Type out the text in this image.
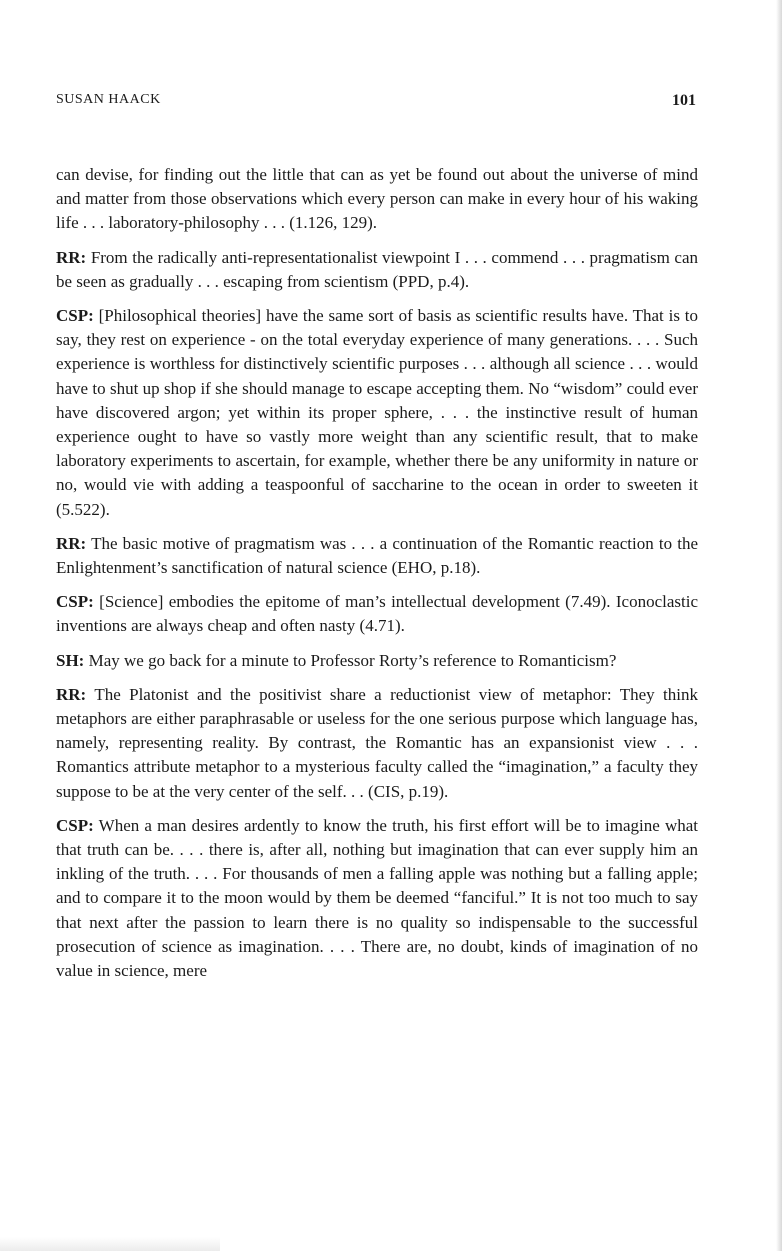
SUSAN HAACK	101

can devise, for finding out the little that can as yet be found out about the universe of mind and matter from those observations which every person can make in every hour of his waking life . . . laboratory-philosophy . . . (1.126, 129).

RR: From the radically anti-representationalist viewpoint I . . . commend . . . pragmatism can be seen as gradually . . . escaping from scientism (PPD, p.4).

CSP: [Philosophical theories] have the same sort of basis as scientific results have. That is to say, they rest on experience - on the total everyday experience of many generations. . . . Such experience is worthless for distinctively scientific purposes . . . although all science . . . would have to shut up shop if she should manage to escape accepting them. No “wisdom” could ever have discovered argon; yet within its proper sphere, . . . the instinctive result of human experience ought to have so vastly more weight than any scientific result, that to make laboratory experiments to ascertain, for example, whether there be any uniformity in nature or no, would vie with adding a teaspoonful of saccharine to the ocean in order to sweeten it (5.522).

RR: The basic motive of pragmatism was . . . a continuation of the Romantic reaction to the Enlightenment’s sanctification of natural science (EHO, p.18).

CSP: [Science] embodies the epitome of man’s intellectual development (7.49). Iconoclastic inventions are always cheap and often nasty (4.71).

SH: May we go back for a minute to Professor Rorty’s reference to Romanticism?

RR: The Platonist and the positivist share a reductionist view of metaphor: They think metaphors are either paraphrasable or useless for the one serious purpose which language has, namely, representing reality. By contrast, the Romantic has an expansionist view . . . Romantics attribute metaphor to a mysterious faculty called the “imagination,” a faculty they suppose to be at the very center of the self. . . (CIS, p.19).

CSP: When a man desires ardently to know the truth, his first effort will be to imagine what that truth can be. . . . there is, after all, nothing but imagination that can ever supply him an inkling of the truth. . . . For thousands of men a falling apple was nothing but a falling apple; and to compare it to the moon would by them be deemed “fanciful.” It is not too much to say that next after the passion to learn there is no quality so indispensable to the successful prosecution of science as imagination. . . . There are, no doubt, kinds of imagination of no value in science, mere
